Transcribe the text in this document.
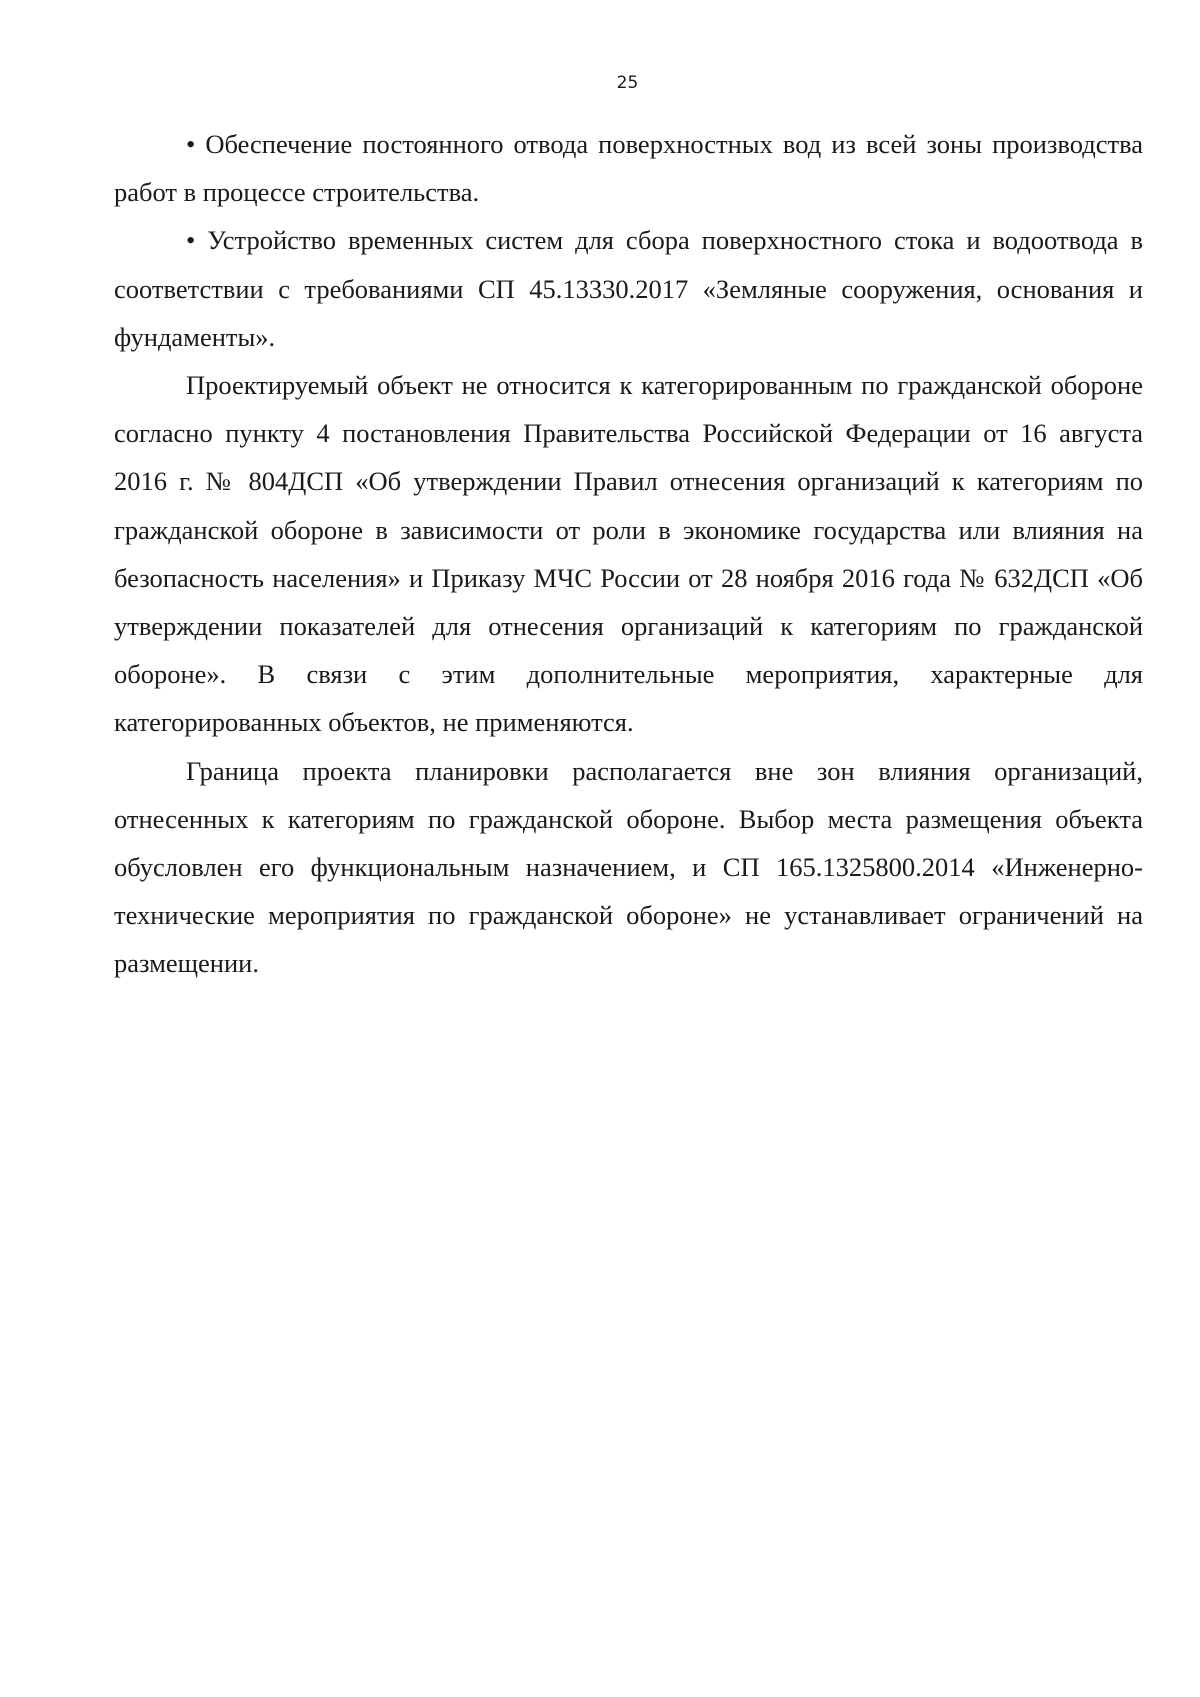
25

• Обеспечение постоянного отвода поверхностных вод из всей зоны производства работ в процессе строительства.

• Устройство временных систем для сбора поверхностного стока и водоотвода в соответствии с требованиями СП 45.13330.2017 «Земляные сооружения, основания и фундаменты».

Проектируемый объект не относится к категорированным по гражданской обороне согласно пункту 4 постановления Правительства Российской Федерации от 16 августа 2016 г. № 804ДСП «Об утверждении Правил отнесения организаций к категориям по гражданской обороне в зависимости от роли в экономике государства или влияния на безопасность населения» и Приказу МЧС России от 28 ноября 2016 года № 632ДСП «Об утверждении показателей для отнесения организаций к категориям по гражданской обороне». В связи с этим дополнительные мероприятия, характерные для категорированных объектов, не применяются.

Граница проекта планировки располагается вне зон влияния организаций, отнесенных к категориям по гражданской обороне. Выбор места размещения объекта обусловлен его функциональным назначением, и СП 165.1325800.2014 «Инженерно-технические мероприятия по гражданской обороне» не устанавливает ограничений на размещении.
